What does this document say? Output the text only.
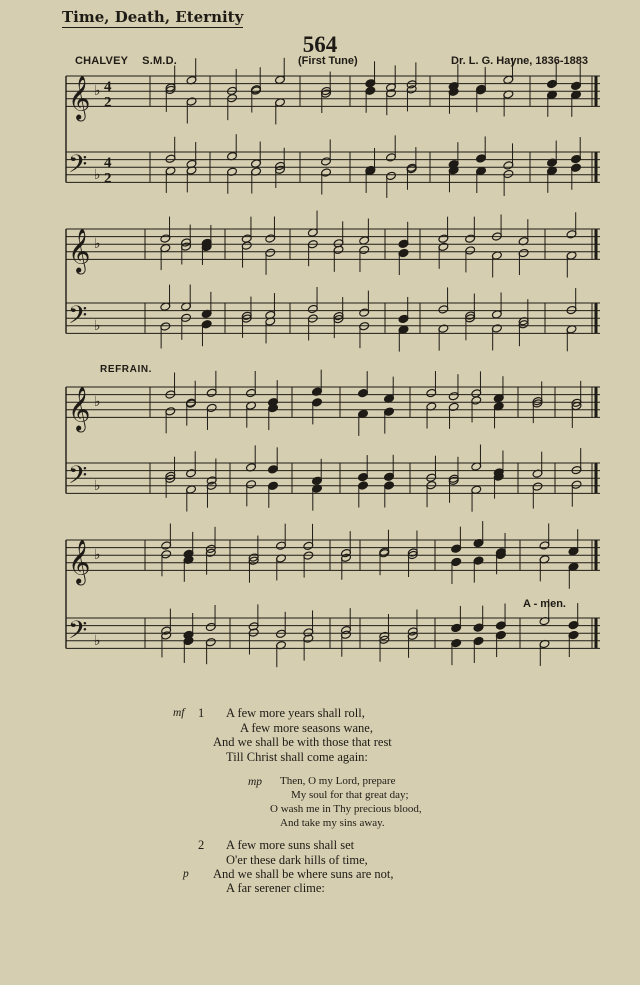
Time, Death, Eternity
564
CHALVEY S.M.D.	(First Tune)	Dr. L. G. Hayne, 1836-1883
𝄞
𝄢
♭
♭
4
2
4
2
𝄞
𝄢
♭
♭
𝄞
𝄢
♭
♭
𝄞
𝄢
♭
♭
REFRAIN.
A - men.
mf 1 A few more years shall roll,
A few more seasons wane,
And we shall be with those that rest
Till Christ shall come again:
mp Then, O my Lord, prepare
My soul for that great day;
O wash me in Thy precious blood,
And take my sins away.
2 A few more suns shall set
O'er these dark hills of time,
p And we shall be where suns are not,
A far serener clime:
